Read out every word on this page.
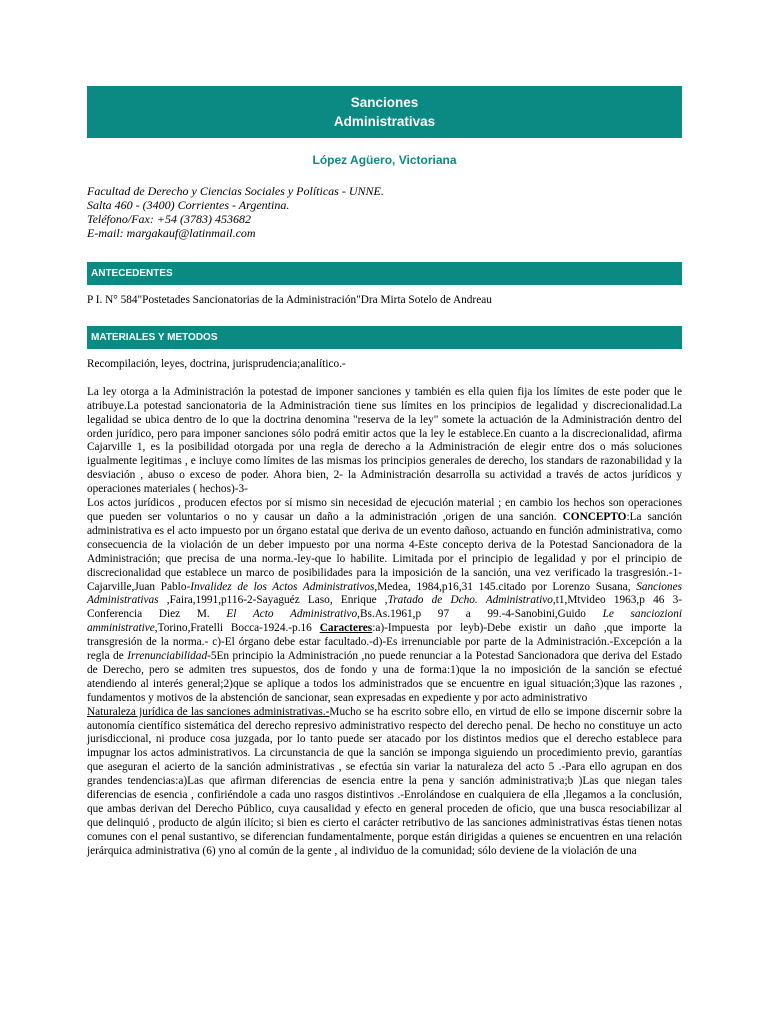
Sanciones
Administrativas
López Agüero, Victoriana
Facultad de Derecho y Ciencias Sociales y Políticas - UNNE.
Salta 460 - (3400) Corrientes - Argentina.
Teléfono/Fax: +54 (3783) 453682
E-mail: margakauf@latinmail.com
ANTECEDENTES

P I. N° 584"Postetades Sancionatorias de la Administración"Dra Mirta Sotelo de Andreau

MATERIALES Y METODOS

Recompilación, leyes, doctrina, jurisprudencia;analítico.-

La ley otorga a la Administración la potestad de imponer sanciones y también es ella quien fija los límites de este poder que le atribuye.La potestad sancionatoria de la Administración tiene sus límites en los principios de legalidad y discrecionalidad.La legalidad se ubica dentro de lo que la doctrina denomina "reserva de la ley" somete la actuación de la Administración dentro del orden jurídico, pero para imponer sanciones sólo podrá emitir actos que la ley le establece.En cuanto a la discrecionalidad, afirma Cajarville 1, es la posibilidad otorgada por una regla de derecho a la Administración de elegir entre dos o más soluciones igualmente legitimas , e incluye como límites de las mismas los principios generales de derecho, los standars de razonabilidad y la desviación , abuso o exceso de poder. Ahora bien, 2- la Administración desarrolla su actividad a través de actos jurídicos y operaciones materiales ( hechos)-3-

Los actos jurídicos , producen efectos por sí mismo sin necesidad de ejecución material ; en cambio los hechos son operaciones que pueden ser voluntarios o no y causar un daño a la administración ,origen de una sanción. CONCEPTO:La sanción administrativa es el acto impuesto por un órgano estatal que deriva de un evento dañoso, actuando en función administrativa, como consecuencia de la violación de un deber impuesto por una norma 4-Este concepto deriva de la Potestad Sancionadora de la Administración; que precisa de una norma.-ley-que lo habilite. Limitada por el principio de legalidad y por el principio de discrecionalidad que establece un marco de posibilidades para la imposición de la sanción, una vez verificado la trasgresión.-1-Cajarville,Juan Pablo-Invalidez de los Actos Administrativos,Medea, 1984,p16,31 145.citado por Lorenzo Susana, Sanciones Administrativas ,Faira,1991,p116-2-Sayaguéz Laso, Enrique ,Tratado de Dcho. Administrativo,t1,Mtvideo 1963,p 46 3-Conferencia Diez M. El Acto Administrativo,Bs.As.1961,p 97 a 99.-4-Sanobini,Guido Le sanciozioni amministrative,Torino,Fratelli Bocca-1924.-p.16 Caracteres:a)-Impuesta por leyb)-Debe existir un daño ,que importe la transgresión de la norma.- c)-El órgano debe estar facultado.-d)-Es irrenunciable por parte de la Administración.-Excepción a la regla de Irrenunciabilidad-5En principio la Administración ,no puede renunciar a la Potestad Sancionadora que deriva del Estado de Derecho, pero se admiten tres supuestos, dos de fondo y una de forma:1)que la no imposición de la sanción se efectué atendiendo al interés general;2)que se aplique a todos los administrados que se encuentre en igual situación;3)que las razones , fundamentos y motivos de la abstención de sancionar, sean expresadas en expediente y por acto administrativo

Naturaleza jurídica de las sanciones administrativas.-Mucho se ha escrito sobre ello, en virtud de ello se impone discernir sobre la autonomía científico sistemática del derecho represivo administrativo respecto del derecho penal. De hecho no constituye un acto jurisdiccional, ni produce cosa juzgada, por lo tanto puede ser atacado por los distintos medios que el derecho establece para impugnar los actos administrativos. La circunstancia de que la sanción se imponga siguiendo un procedimiento previo, garantías que aseguran el acierto de la sanción administrativas , se efectúa sin variar la naturaleza del acto 5 .-Para ello agrupan en dos grandes tendencias:a)Las que afirman diferencias de esencia entre la pena y sanción administrativa;b )Las que niegan tales diferencias de esencia , confiriéndole a cada uno rasgos distintivos .-Enrolándose en cualquiera de ella ,llegamos a la conclusión, que ambas derivan del Derecho Público, cuya causalidad y efecto en general proceden de oficio, que una busca resociabilizar al que delinquió , producto de algún ilícito; si bien es cierto el carácter retributivo de las sanciones administrativas éstas tienen notas comunes con el penal sustantivo, se diferencian fundamentalmente, porque están dirigidas a quienes se encuentren en una relación jerárquica administrativa (6) yno al común de la gente , al individuo de la comunidad; sólo deviene de la violación de una
